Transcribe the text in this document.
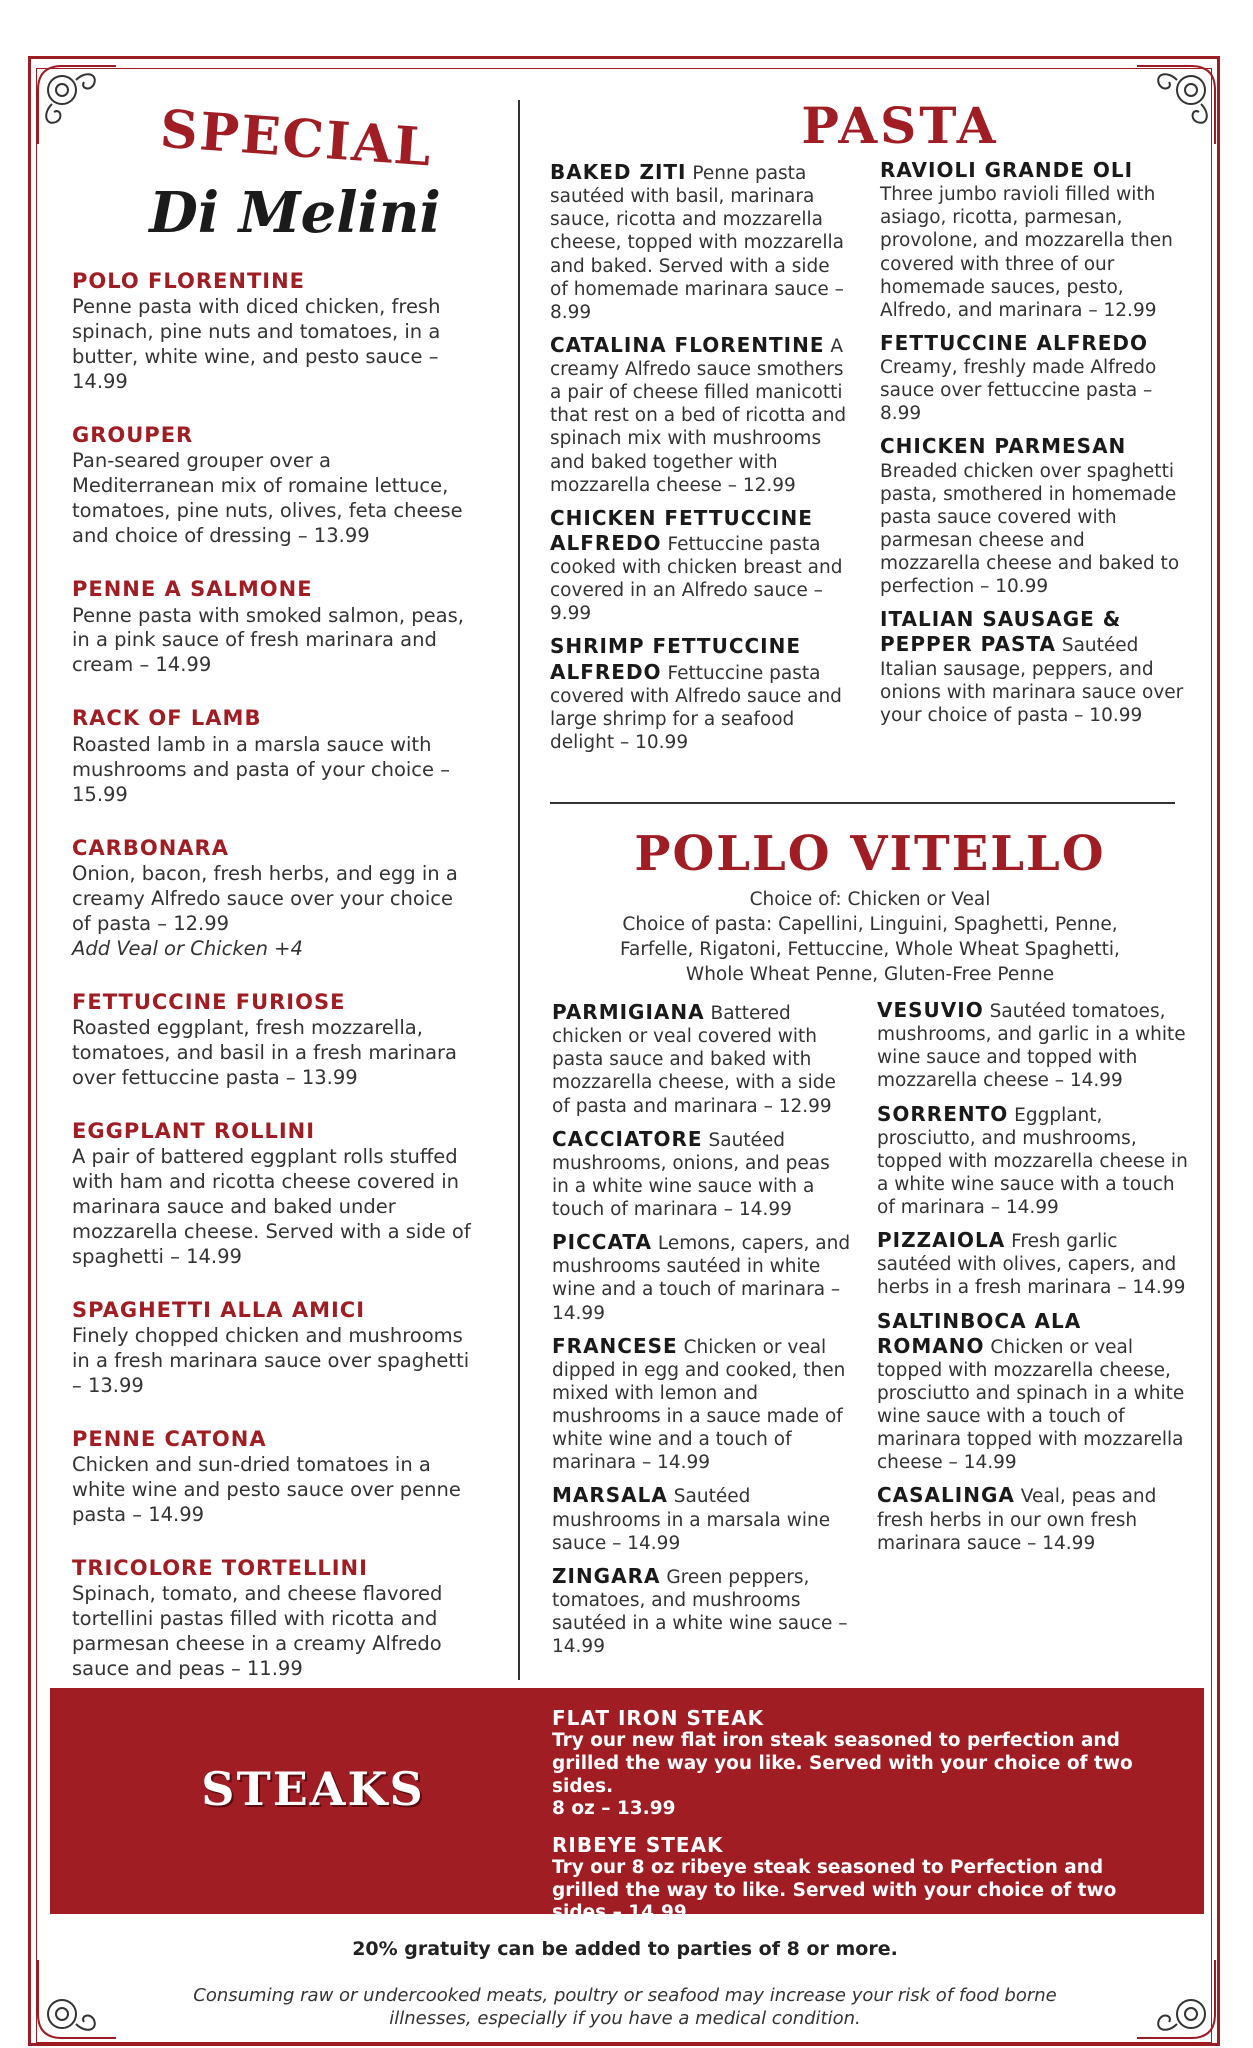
SPECIAL
Di Melini
POLO FLORENTINE
Penne pasta with diced chicken, fresh spinach, pine nuts and tomatoes, in a butter, white wine, and pesto sauce – 14.99
GROUPER
Pan-seared grouper over a Mediterranean mix of romaine lettuce, tomatoes, pine nuts, olives, feta cheese and choice of dressing – 13.99
PENNE A SALMONE
Penne pasta with smoked salmon, peas, in a pink sauce of fresh marinara and cream – 14.99
RACK OF LAMB
Roasted lamb in a marsla sauce with mushrooms and pasta of your choice – 15.99
CARBONARA
Onion, bacon, fresh herbs, and egg in a creamy Alfredo sauce over your choice of pasta – 12.99
Add Veal or Chicken +4
FETTUCCINE FURIOSE
Roasted eggplant, fresh mozzarella, tomatoes, and basil in a fresh marinara over fettuccine pasta – 13.99
EGGPLANT ROLLINI
A pair of battered eggplant rolls stuffed with ham and ricotta cheese covered in marinara sauce and baked under mozzarella cheese. Served with a side of spaghetti – 14.99
SPAGHETTI ALLA AMICI
Finely chopped chicken and mushrooms in a fresh marinara sauce over spaghetti – 13.99
PENNE CATONA
Chicken and sun-dried tomatoes in a white wine and pesto sauce over penne pasta – 14.99
TRICOLORE TORTELLINI
Spinach, tomato, and cheese flavored tortellini pastas filled with ricotta and parmesan cheese in a creamy Alfredo sauce and peas – 11.99
PASTA
BAKED ZITI Penne pasta sautéed with basil, marinara sauce, ricotta and mozzarella cheese, topped with mozzarella and baked. Served with a side of homemade marinara sauce – 8.99
CATALINA FLORENTINE A creamy Alfredo sauce smothers a pair of cheese filled manicotti that rest on a bed of ricotta and spinach mix with mushrooms and baked together with mozzarella cheese – 12.99
CHICKEN FETTUCCINE ALFREDO Fettuccine pasta cooked with chicken breast and covered in an Alfredo sauce – 9.99
SHRIMP FETTUCCINE ALFREDO Fettuccine pasta covered with Alfredo sauce and large shrimp for a seafood delight – 10.99
RAVIOLI GRANDE OLI Three jumbo ravioli filled with asiago, ricotta, parmesan, provolone, and mozzarella then covered with three of our homemade sauces, pesto, Alfredo, and marinara – 12.99
FETTUCCINE ALFREDO Creamy, freshly made Alfredo sauce over fettuccine pasta – 8.99
CHICKEN PARMESAN Breaded chicken over spaghetti pasta, smothered in homemade pasta sauce covered with parmesan cheese and mozzarella cheese and baked to perfection – 10.99
ITALIAN SAUSAGE & PEPPER PASTA Sautéed Italian sausage, peppers, and onions with marinara sauce over your choice of pasta – 10.99
POLLO VITELLO
Choice of: Chicken or Veal
Choice of pasta: Capellini, Linguini, Spaghetti, Penne, Farfelle, Rigatoni, Fettuccine, Whole Wheat Spaghetti, Whole Wheat Penne, Gluten-Free Penne
PARMIGIANA Battered chicken or veal covered with pasta sauce and baked with mozzarella cheese, with a side of pasta and marinara – 12.99
CACCIATORE Sautéed mushrooms, onions, and peas in a white wine sauce with a touch of marinara – 14.99
PICCATA Lemons, capers, and mushrooms sautéed in white wine and a touch of marinara – 14.99
FRANCESE Chicken or veal dipped in egg and cooked, then mixed with lemon and mushrooms in a sauce made of white wine and a touch of marinara – 14.99
MARSALA Sautéed mushrooms in a marsala wine sauce – 14.99
ZINGARA Green peppers, tomatoes, and mushrooms sautéed in a white wine sauce – 14.99
VESUVIO Sautéed tomatoes, mushrooms, and garlic in a white wine sauce and topped with mozzarella cheese – 14.99
SORRENTO Eggplant, prosciutto, and mushrooms, topped with mozzarella cheese in a white wine sauce with a touch of marinara – 14.99
PIZZAIOLA Fresh garlic sautéed with olives, capers, and herbs in a fresh marinara – 14.99
SALTINBOCA ALA ROMANO Chicken or veal topped with mozzarella cheese, prosciutto and spinach in a white wine sauce with a touch of marinara topped with mozzarella cheese – 14.99
CASALINGA Veal, peas and fresh herbs in our own fresh marinara sauce – 14.99
STEAKS
FLAT IRON STEAK
Try our new flat iron steak seasoned to perfection and grilled the way you like. Served with your choice of two sides.
8 oz – 13.99
RIBEYE STEAK
Try our 8 oz ribeye steak seasoned to Perfection and grilled the way to like. Served with your choice of two sides – 14.99
20% gratuity can be added to parties of 8 or more.
Consuming raw or undercooked meats, poultry or seafood may increase your risk of food borne illnesses, especially if you have a medical condition.
